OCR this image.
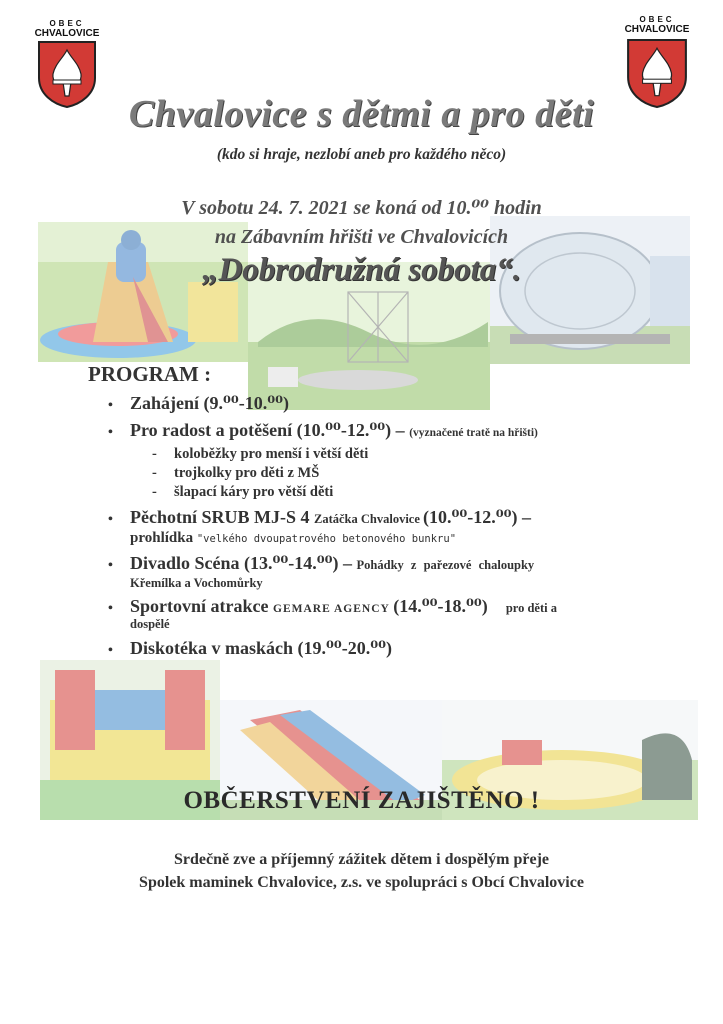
OBEC
CHVALOVICE
OBEC
CHVALOVICE
Chvalovice s dětmi a pro děti
(kdo si hraje, nezlobí aneb pro každého něco)
V sobotu 24. 7. 2021 se koná od 10.⁰⁰ hodin
na Zábavním hřišti ve Chvalovicích
„Dobrodružná sobota“.
PROGRAM :
• Zahájení (9.⁰⁰-10.⁰⁰)
• Pro radost a potěšení (10.⁰⁰-12.⁰⁰) – (vyznačené tratě na hřišti)
- koloběžky pro menší i větší děti
- trojkolky pro děti z MŠ
- šlapací káry pro větší děti
• Pěchotní SRUB MJ-S 4 Zatáčka Chvalovice (10.⁰⁰-12.⁰⁰) –
prohlídka "velkého dvoupatrového betonového bunkru"
• Divadlo Scéna (13.⁰⁰-14.⁰⁰) – Pohádky z pařezové chaloupky
Křemílka a Vochomůrky
• Sportovní atrakce GEMARE AGENCY (14.⁰⁰-18.⁰⁰) pro děti a
dospělé
• Diskotéka v maskách (19.⁰⁰-20.⁰⁰)
OBČERSTVENÍ ZAJIŠTĚNO !
Srdečně zve a příjemný zážitek dětem i dospělým přeje
Spolek maminek Chvalovice, z.s. ve spolupráci s Obcí Chvalovice
